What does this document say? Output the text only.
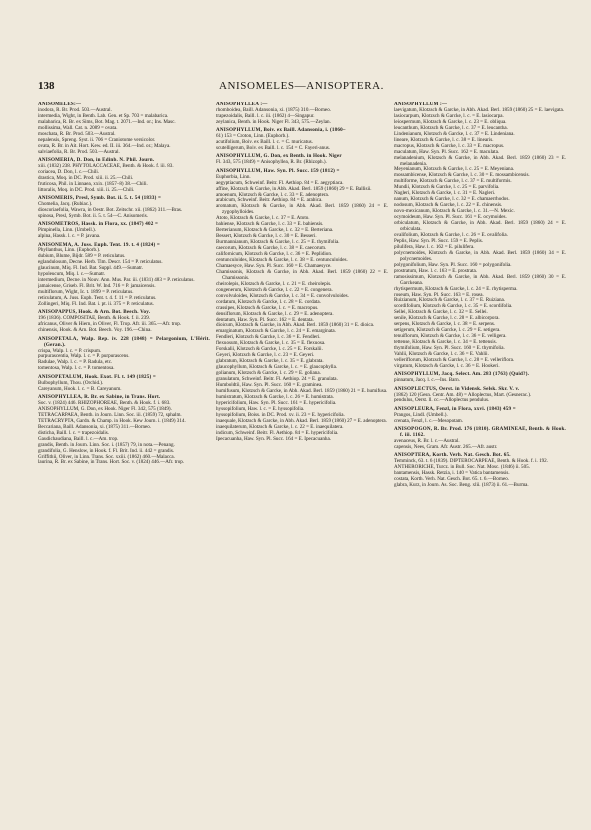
138	ANISOMELES—ANISOPTERA.
ANISOMELES:—
inodora, R. Br. Prod. 503.—Austral.
intermedia, Wight, in Benth. Lab. Gen. et Sp. 703 = malabarica.
malabarica, R. Br. ex Sims, Bot. Mag. t. 2071.—Ind. or.; Ins. Masc.
mollissima, Wall. Cat. n. 2089 = ovata.
moschata, R. Br. Prod. 503.—Austral.
nepalensis, Spreng. Syst. ii. 706 = Craniotome versicolor.
ovata, R. Br. in Ait. Hort. Kew. ed. II. iii. 364.—Ind. or.; Malaya.
salviaefolia, R. Br. Prod. 503.—Austral.
ANISOMERIA, D. Don, in Edinb. N. Phil. Journ.
xiii. (1832) 238. PHYTOLACCACEAE, Benth. & Hook. f. iii. 83.
coriacea, D. Don, l. c.—Chili.
drastica, Moq. in DC. Prod. xiii. ii. 25.—Chili.
fruticosa, Phil. in Linnaea, xxix. (1857–8) 38.—Chili.
littoralis, Moq. in DC. Prod. xiii. ii. 25.—Chili.
ANISOMERIS, Presl, Symb. Bot. ii. 5. t. 54 (1833) =
Chomelia, Jacq. (Rubiac.).
dioscoriaefolia, Wawra, in Oestr. Bot. Zeitschr. xii. (1862) 311.—Bras.
spinosa, Presl, Symb. Bot. ii. 5. t. 54—C. Anisomeris.
ANISOMETROS, Hassk. in Flora, xx. (1847) 402 =
Pimpinella, Linn. (Umbell.).
alpina, Hassk. l. c. = P. javana.
ANISONEMA, A. Juss. Euph. Tent. 19. t. 4 (1824) =
Phyllanthus, Linn. (Euphorb.).
dubium, Blume, Bijdr. 589 = P. reticulatus.
eglandulosum, Decne. Herb. Tim. Descr. 154 = P. reticulatus.
glaucinum, Miq. Fl. Ind. Bat. Suppl. 449.—Sumatr.
hypoleucum, Miq. l. c.—Sumatr.
intermedium, Decne. in Nouv. Ann. Mus. Par. iii. (1831) 483 = P. reticulatus.
jamaicense, Griseb. Fl. Brit. W. Ind. 716 = P. jamaicensis.
multiflorum, Wight, Ic. t. 1899 = P. reticulatus.
reticulatum, A. Juss. Euph. Tent. t. 4. f. 11 = P. reticulatus.
Zollingeri, Miq. Fl. Ind. Bat. i. pt. ii. 375 = P. reticulatus.
ANISOPAPPUS, Hook. & Arn. Bot. Beech. Voy.
196 (1836). COMPOSITAE, Benth. & Hook. f. ii. 239.
africanus, Oliver & Hiern, in Oliver, Fl. Trop. Afr. iii. 365.—Afr. trop.
chinensis, Hook. & Arn. Bot. Beech. Voy. 196.—China.
ANISOPETALA, Walp. Rep. iv. 228 (1848) = Pelargonium, L'Hérit. (Geran.).
crispa, Walp. l. c. = P. crispum.
purpurascentia, Walp. l. c. = P. purpurascens.
Radulae, Walp. l. c. = P. Radula, etc.
tomentosa, Walp. l. c. = P. tomentosa.
ANISOPETALUM, Hook. Exot. Fl. t. 149 (1825) =
Bulbophyllum, Thou. (Orchid.).
Careyanum, Hook. l. c. = B. Careyanum.
ANISOPHYLLEA, R. Br. ex Sabine, in Trans. Hort.
Soc. v. (1824) 446. RHIZOPHOREAE, Benth. & Hook. f. i. 683.
ANISOPHYLLUM, G. Don, ex Hook. Niger Fl. 342, 575 (1849).
TETRACARPAEA, Benth. in Journ. Linn. Soc. iii. (1859) 72, sphalm.
TETRACRYPTA, Gardn. & Champ. in Hook. Kew Journ. i. (1849) 314.
Beccariana, Baill. Adansonia, xi. (1875) 311.—Borneo.
disticha, Baill. l. c. = trapezoidalis.
Gaudichaudiana, Baill. l. c.—Am. trop.
grandis, Benth. in Journ. Linn. Soc. i. (1857) 79, in nota.—Penang.
grandifolia, G. Henslow, in Hook. f. Fl. Brit. Ind. ii. 442 = grandis.
Griffithii, Oliver, in Linn. Trans. Soc. xxiii. (1862) 460.—Malacca.
laurina, R. Br. ex Sabine, in Trans. Hort. Soc. v. (1824) 446.—Afr. trop.
ANISOPHYLLEA :—
rhomboidea, Baill. Adansonia, xi. (1875) 310.—Borneo.
trapezoidalis, Baill. l. c. iii. (1862) 4—Singapur.
zeylanica, Benth. in Hook. Niger Fl. 343, 575.—Zeylan.
ANISOPHYLLUM, Boiv. ex Baill. Adansonia, i. (1860–
61) 153 = Croton, Linn. (Euphorb.).
acutifolium, Boiv. ex Baill. l. c. = C. muricatus.
scutelligerum, Boiv. ex Baill. l. c. 154 = C. Fayeri-anus.
ANISOPHYLLUM, G. Don, ex Benth. in Hook. Niger
Fl. 343, 575 (1849) = Anisophyllea, R. Br. (Rhizoph.).
ANISOPHYLLUM, Haw. Syn. Pl. Succ. 159 (1812) =
Euphorbia, Linn.
aegyptiacum, Schweinf. Beitr. Fl. Aethiop. 84 = E. aegyptiaca.
affine, Klotzsch & Garcke, in Abh. Akad. Berl. 1859 (1860) 29 = E. Ballisii.
amoenum, Klotzsch & Garcke, l. c. 33 = E. adenoptera.
arabicum, Schweinf. Beitr. Aethiop. 84 = E. arabica.
aromatum, Klotzsch & Garcke, in Abh. Akad. Berl. 1859 (1860) 24 = E. zygophylloides.
Atoto, Klotzsch & Garcke, l. c. 37 = E. Atoto.
bahiense, Klotzsch & Garcke, l. c. 33 = E. bahiensis.
Berterianum, Klotzsch & Garcke, l. c. 32 = E. Berteriana.
Bessert, Klotzsch & Garcke, l. c. 30 = E. Besseri.
Burmannianum, Klotzsch & Garcke, l. c. 25 = E. thymifolia.
caecorum, Klotzsch & Garcke, l. c. 38 = E. caecorum.
californicum, Klotzsch & Garcke, l. c. 36 = E. Peplidion.
centunculoides, Klotzsch & Garcke, l. c. 38 = E. centunculoides.
Chamaesyce, Haw. Syn. Pl. Succ. 160 = E. Chamaesyce.
Chamissonis, Klotzsch & Garcke, in Abh. Akad. Berl. 1859 (1860) 22 = E. Chamissonis.
cheirolepis, Klotzsch & Garcke, l. c. 21 = E. cheirolepis.
congenerum, Klotzsch & Garcke, l. c. 22 = E. congenera.
convolvuloides, Klotzsch & Garcke, l. c. 34 = E. convolvuloides.
cordatum, Klotzsch & Garcke, l. c. 28 = E. cordata.
crassipes, Klotzsch & Garcke, l. c. = E. macropus.
densiflorum, Klotzsch & Garcke, l. c. 29 = E. adenoptera.
dentatum, Haw. Syn. Pl. Succ. 162 = E. dentata.
dioicum, Klotzsch & Garcke, in Abh. Akad. Berl. 1859 (1860) 31 = E. dioica.
emarginatum, Klotzsch & Garcke, l. c. 24 = E. emarginata.
Fendleri, Klotzsch & Garcke, l. c. 36 = E. Fendleri.
flexuosum, Klotzsch & Garcke, l. c. 35 = E. flexuosa.
Forskalii, Klotzsch & Garcke, l. c. 25 = E. Forskalii.
Geyeri, Klotzsch & Garcke, l. c. 23 = E. Geyeri.
glabratum, Klotzsch & Garcke, l. c. 35 = E. glabrata.
glaucophyllum, Klotzsch & Garcke, l. c. = E. glaucophylla.
golianum, Klotzsch & Garcke, l. c. 29 = E. goliana.
granulatum, Schweinf. Beitr. Fl. Aethiop. 24 = E. granulata.
Humboldtii, Haw. Syn. Pl. Succ. 160 = E. graminea.
humifusum, Klotzsch & Garcke, in Abh. Akad. Berl. 1859 (1860) 21 = E. humifusa.
humistratum, Klotzsch & Garcke, l. c. 26 = E. humistrata.
hypericifolium, Haw. Syn. Pl. Succ. 161 = E. hypericifolia.
hyssopifolium, Haw. l. c. = E. hyssopifolia.
hyssopifolium, Boiss. in DC. Prod. xv. ii. 23 = E. hypericifolia.
inaequale, Klotzsch & Garcke, in Abh. Akad. Berl. 1859 (1860) 27 = E. adenoptera.
inaequilaterum, Klotzsch & Garcke, l. c. 22 = E. inaequilatera.
indicum, Schweinf. Beitr. Fl. Aethiop. 84 = E. hypericifolia.
Ipecacuanha, Haw. Syn. Pl. Succ. 164 = E. Ipecacuanha.
ANISOPHYLLUM :—
laevigatum, Klotzsch & Garcke, in Abh. Akad. Berl. 1859 (1860) 25 = E. laevigata.
lasiocarpum, Klotzsch & Garcke, l. c. = E. lasiocarpa.
leiospermum, Klotzsch & Garcke, l. c. 23 = E. obliqua.
leucanthum, Klotzsch & Garcke, l. c. 37 = E. leucantha.
Lindenianum, Klotzsch & Garcke, l. c. 37 = E. Lindeniana.
lineare, Klotzsch & Garcke, l. c. 38 = E. linearis.
macropus, Klotzsch & Garcke, l. c. 33 = E. macropus.
maculatum, Haw. Syn. Pl. Succ. 162 = E. maculata.
melanadenium, Klotzsch & Garcke, in Abh. Akad. Berl. 1859 (1860) 23 = E. melanadenia.
Meyenianum, Klotzsch & Garcke, l. c. 25 = E. Meyeniana.
mossambicense, Klotzsch & Garcke, l. c. 30 = E. mossambicensis.
multiforme, Klotzsch & Garcke, l. c. 37 = E. multiformis.
Mundii, Klotzsch & Garcke, l. c. 25 = E. parvifolia.
Nagleri, Klotzsch & Garcke, l. c. 31 = E. Nagleri.
nanum, Klotzsch & Garcke, l. c. 32 = E. chamaerrhodos.
nodosum, Klotzsch & Garcke, l. c. 22 = E. chinensis.
novo-mexicanum, Klotzsch & Garcke, l. c. 31.—N. Mexic.
ocymoideum, Haw. Syn. Pl. Succ. 161 = E. ocymoides.
orbiculatum, Klotzsch & Garcke, in Abh. Akad. Berl. 1859 (1860) 24 = E. orbiculata.
ovalifolium, Klotzsch & Garcke, l. c. 26 = E. ovalifolia.
Peplis, Haw. Syn. Pl. Succ. 159 = E. Peplis.
pilulifera, Haw. l. c. 162 = E. pilulifera.
polycnemoides, Klotzsch & Garcke, in Abh. Akad. Berl. 1859 (1860) 34 = E. polycnemoides.
polygonifolium, Haw. Syn. Pl. Succ. 160 = polygonifolia.
prostratum, Haw. l. c. 163 = E. prostrata.
ramosissimum, Klotzsch & Garcke, in Abh. Akad. Berl. 1859 (1860) 30 = E. Garckeana.
rhytispermum, Klotzsch & Garcke, l. c. 24 = E. rhytisperma.
roseum, Haw. Syn. Pl. Succ. 163 = E. rosea.
Ruizianum, Klotzsch & Garcke, l. c. 37 = E. Ruiziana.
scordifolium, Klotzsch & Garcke, l. c. 35 = E. scordifolia.
Sellei, Klotzsch & Garcke, l. c. 32 = E. Sellei.
senile, Klotzsch & Garcke, l. c. 28 = E. albicorpora.
serpens, Klotzsch & Garcke, l. c. 38 = E. serpens.
setigerum, Klotzsch & Garcke, l. c. 29 = E. setigera.
tenuiflorum, Klotzsch & Garcke, l. c. 36 = E. velligera.
tettense, Klotzsch & Garcke, l. c. 34 = E. tettensis.
thymifolium, Haw. Syn. Pl. Succ. 160 = E. thymifolia.
Vahlii, Klotzsch & Garcke, l. c. 36 = E. Vahlii.
velleriflorum, Klotzsch & Garcke, l. c. 28 = E. velleriflora.
virgatum, Klotzsch & Garcke, l. c. 36 = E. Hookeri.
ANISOPHYLLUM, Jacq. Select. Am. 283 (1763) (Quid?).
pinnatum, Jacq. l. c.—Ins. Barn.
ANISOPLECTUS, Oerst. in Vidensk. Selsk. Skr. V. v.
(1862) 120 (Gesn. Centr. Am. 48) = Alloplectus, Mart. (Gesnerac.).
pendulus, Oerst. ll. cc.—Alloplectus pendulus.
ANISOPLEURA, Fenzl, in Flora, xxvi. (1843) 459 =
Prangos, Lindl. (Umbell.).
crenata, Fenzl, l. c.—Mesopotam.
ANISOPOGON, R. Br. Prod. 176 (1810). GRAMINEAE, Benth. & Hook. f. iii. 1162.
avenaceus, R. Br. l. c.—Austral.
capensis, Nees, Gram. Afr. Austr. 265.—Afr. austr.
ANISOPTERA, Korth. Verh. Nat. Gesch. Bot. 65.
Temminck, 63. t. 6 (1839). DIPTEROCARPEAE, Benth. & Hook. f. i. 192.
ANTHERORICHE, Turcz. in Bull. Soc. Nat. Mosc. (1846) ii. 505.
bantamensis, Hassk. Retzia, i. 140 = Vatica bantamensis.
costata, Korth. Verh. Nat. Gesch. Bot. 65. t. 6.—Borneo.
glabra, Kurz, in Journ. As. Soc. Beng. xlii. (1873) ii. 61.—Burma.
